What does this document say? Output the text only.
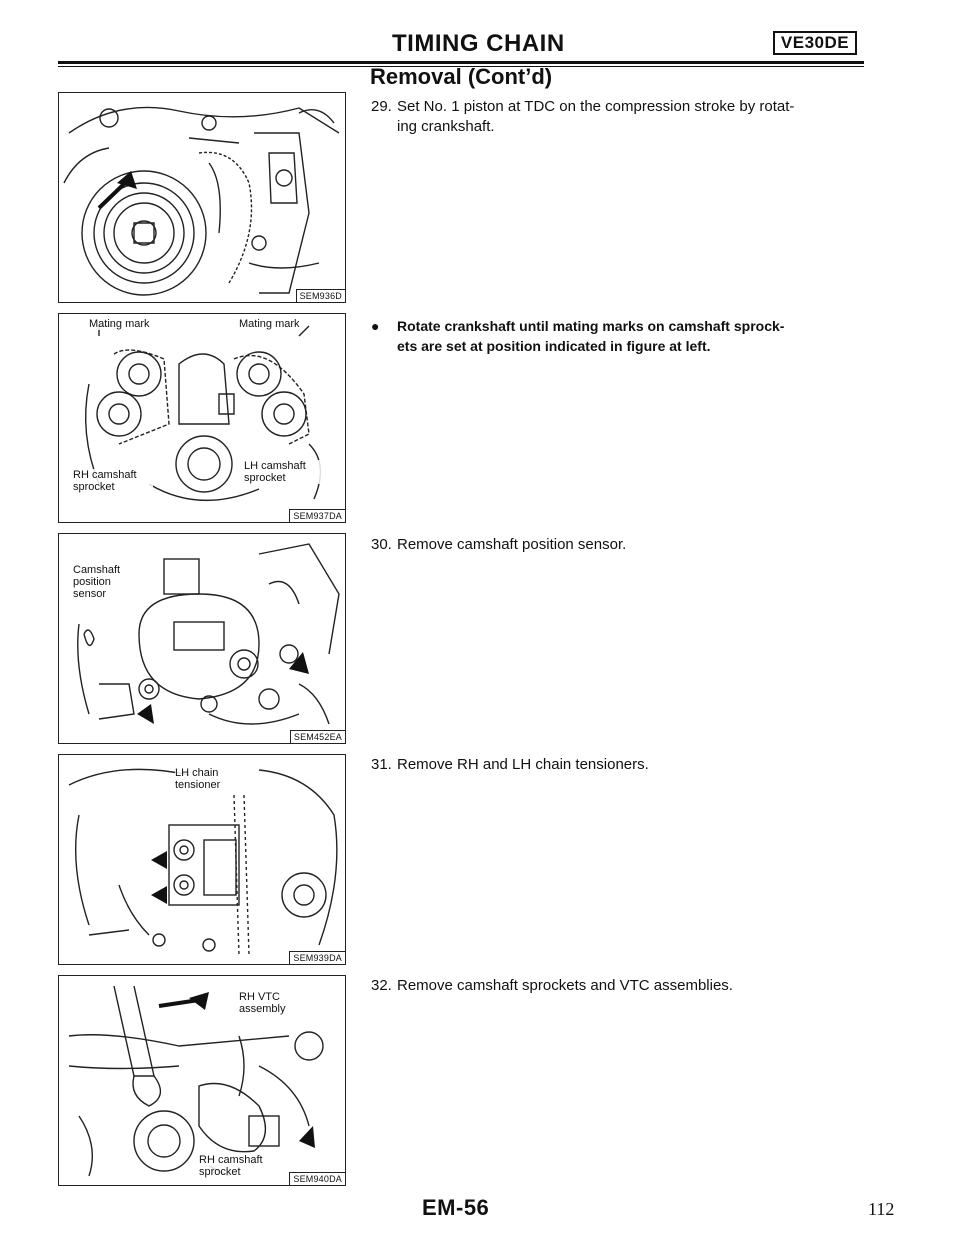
TIMING CHAIN	VE30DE
Removal (Cont’d)
SEM936D
Mating mark	Mating mark
RH camshaft sprocket
LH camshaft sprocket
SEM937DA
Camshaft position sensor
SEM452EA
LH chain tensioner
SEM939DA
RH VTC assembly
RH camshaft sprocket
SEM940DA
29. Set No. 1 piston at TDC on the compression stroke by rotat-
ing crankshaft.
● Rotate crankshaft until mating marks on camshaft sprock-
ets are set at position indicated in figure at left.
30. Remove camshaft position sensor.
31. Remove RH and LH chain tensioners.
32. Remove camshaft sprockets and VTC assemblies.
EM-56	112
